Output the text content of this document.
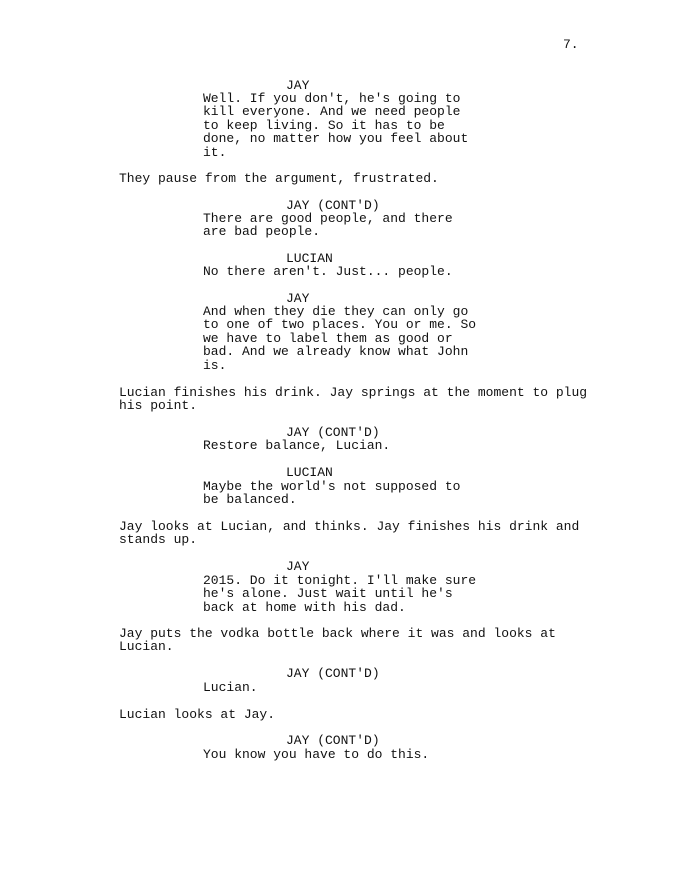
7.
JAY
Well. If you don't, he's going to
kill everyone. And we need people
to keep living. So it has to be
done, no matter how you feel about
it.
They pause from the argument, frustrated.
JAY (CONT'D)
There are good people, and there
are bad people.
LUCIAN
No there aren't. Just... people.
JAY
And when they die they can only go
to one of two places. You or me. So
we have to label them as good or
bad. And we already know what John
is.
Lucian finishes his drink. Jay springs at the moment to plug
his point.
JAY (CONT'D)
Restore balance, Lucian.
LUCIAN
Maybe the world's not supposed to
be balanced.
Jay looks at Lucian, and thinks. Jay finishes his drink and
stands up.
JAY
2015. Do it tonight. I'll make sure
he's alone. Just wait until he's
back at home with his dad.
Jay puts the vodka bottle back where it was and looks at
Lucian.
JAY (CONT'D)
Lucian.
Lucian looks at Jay.
JAY (CONT'D)
You know you have to do this.
